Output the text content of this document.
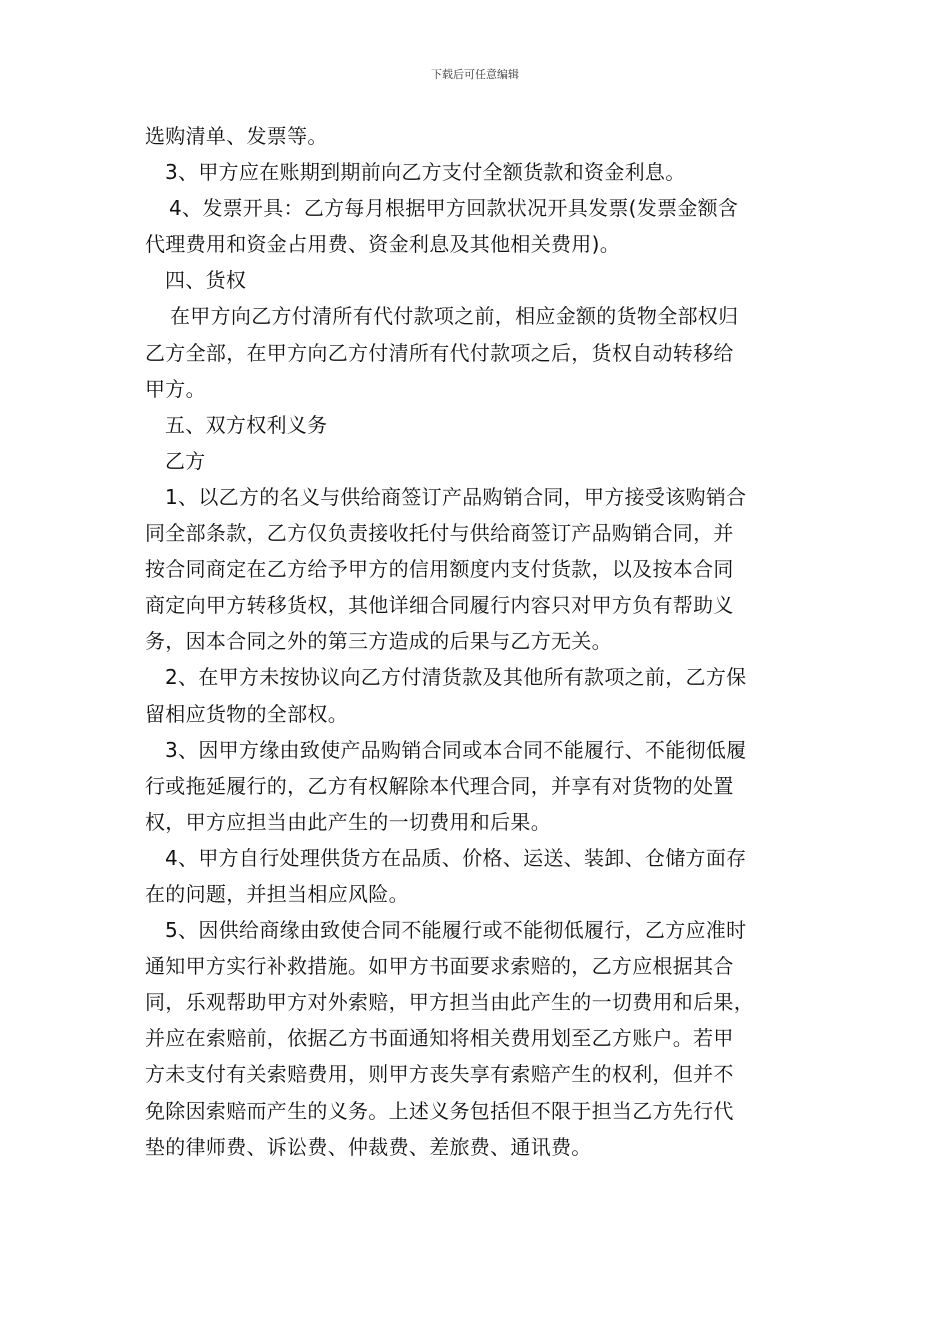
下载后可任意编辑
选购清单、发票等。
3、甲方应在账期到期前向乙方支付全额货款和资金利息。
4、发票开具：乙方每月根据甲方回款状况开具发票(发票金额含
代理费用和资金占用费、资金利息及其他相关费用)。
四、货权
在甲方向乙方付清所有代付款项之前，相应金额的货物全部权归
乙方全部，在甲方向乙方付清所有代付款项之后，货权自动转移给
甲方。
五、双方权利义务
乙方
1、以乙方的名义与供给商签订产品购销合同，甲方接受该购销合
同全部条款，乙方仅负责接收托付与供给商签订产品购销合同，并
按合同商定在乙方给予甲方的信用额度内支付货款，以及按本合同
商定向甲方转移货权，其他详细合同履行内容只对甲方负有帮助义
务，因本合同之外的第三方造成的后果与乙方无关。
2、在甲方未按协议向乙方付清货款及其他所有款项之前，乙方保
留相应货物的全部权。
3、因甲方缘由致使产品购销合同或本合同不能履行、不能彻低履
行或拖延履行的，乙方有权解除本代理合同，并享有对货物的处置
权，甲方应担当由此产生的一切费用和后果。
4、甲方自行处理供货方在品质、价格、运送、装卸、仓储方面存
在的问题，并担当相应风险。
5、因供给商缘由致使合同不能履行或不能彻低履行，乙方应准时
通知甲方实行补救措施。如甲方书面要求索赔的，乙方应根据其合
同，乐观帮助甲方对外索赔，甲方担当由此产生的一切费用和后果，
并应在索赔前，依据乙方书面通知将相关费用划至乙方账户。若甲
方未支付有关索赔费用，则甲方丧失享有索赔产生的权利，但并不
免除因索赔而产生的义务。上述义务包括但不限于担当乙方先行代
垫的律师费、诉讼费、仲裁费、差旅费、通讯费。
